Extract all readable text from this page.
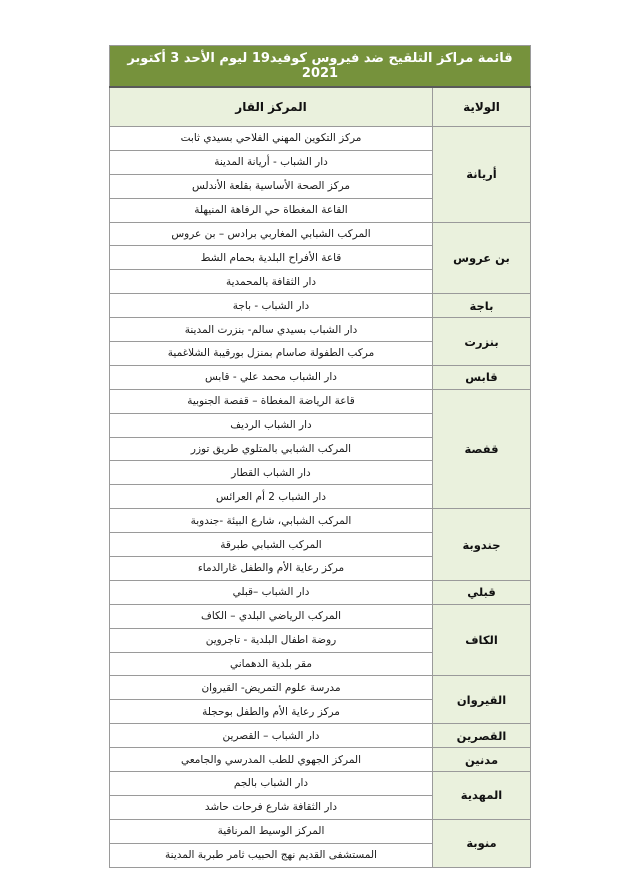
قائمة مراكز التلقيح ضد فيروس كوفيد19 ليوم الأحد 3 أكتوبر 2021	
الولاية	المركز القار
أريانة	مركز التكوين المهني الفلاحي بسيدي ثابت
	دار الشباب - أريانة المدينة
	مركز الصحة الأساسية بقلعة الأندلس
	القاعة المغطاة حي الرفاهة المنيهلة
بن عروس	المركب الشبابي المغاربي برادس – بن عروس
	قاعة الأفراح البلدية بحمام الشط
	دار الثقافة بالمحمدية
باجة	دار الشباب - باجة
بنزرت	دار الشباب بسيدي سالم- بنزرت المدينة
	مركب الطفولة صاسام بمنزل بورقيبة الشلاغمية
قابس	دار الشباب محمد علي - قابس
قفصة	قاعة الرياضة المغطاة – قفصة الجنوبية
	دار الشباب الرديف
	المركب الشبابي بالمتلوي طريق توزر
	دار الشباب القطار
	دار الشباب 2 أم العرائس
جندوبة	المركب الشبابي، شارع البيئة -جندوبة
	المركب الشبابي طبرقة
	مركز رعاية الأم والطفل غارالدماء
قبلي	دار الشباب –قبلي
الكاف	المركب الرياضي البلدي – الكاف
	روضة اطفال البلدية - تاجروين
	مقر بلدية الدهماني
القيروان	مدرسة علوم التمريض- القيروان
	مركز رعاية الأم والطفل بوحجلة
القصرين	دار الشباب – القصرين
مدنين	المركز الجهوي للطب المدرسي والجامعي
المهدية	دار الشباب بالجم
	دار الثقافة شارع فرحات حاشد
منوبة	المركز الوسيط المرناقية
	المستشفى القديم نهج الحبيب ثامر طبربة المدينة
